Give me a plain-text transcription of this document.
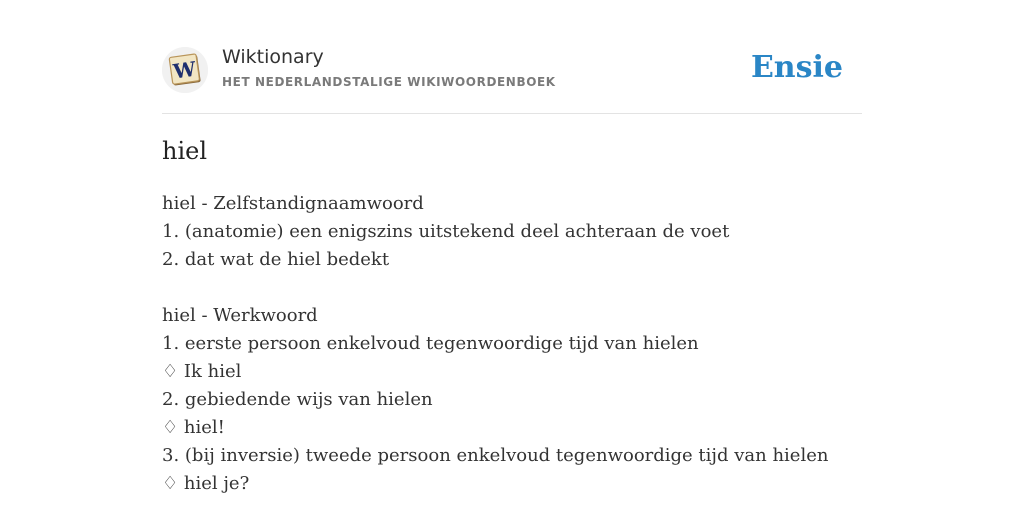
W Wiktionary
HET NEDERLANDSTALIGE WIKIWOORDENBOEK	Ensie
hiel
hiel - Zelfstandignaamwoord
1. (anatomie) een enigszins uitstekend deel achteraan de voet
2. dat wat de hiel bedekt
hiel - Werkwoord
1. eerste persoon enkelvoud tegenwoordige tijd van hielen
♢ Ik hiel
2. gebiedende wijs van hielen
♢ hiel!
3. (bij inversie) tweede persoon enkelvoud tegenwoordige tijd van hielen
♢ hiel je?
